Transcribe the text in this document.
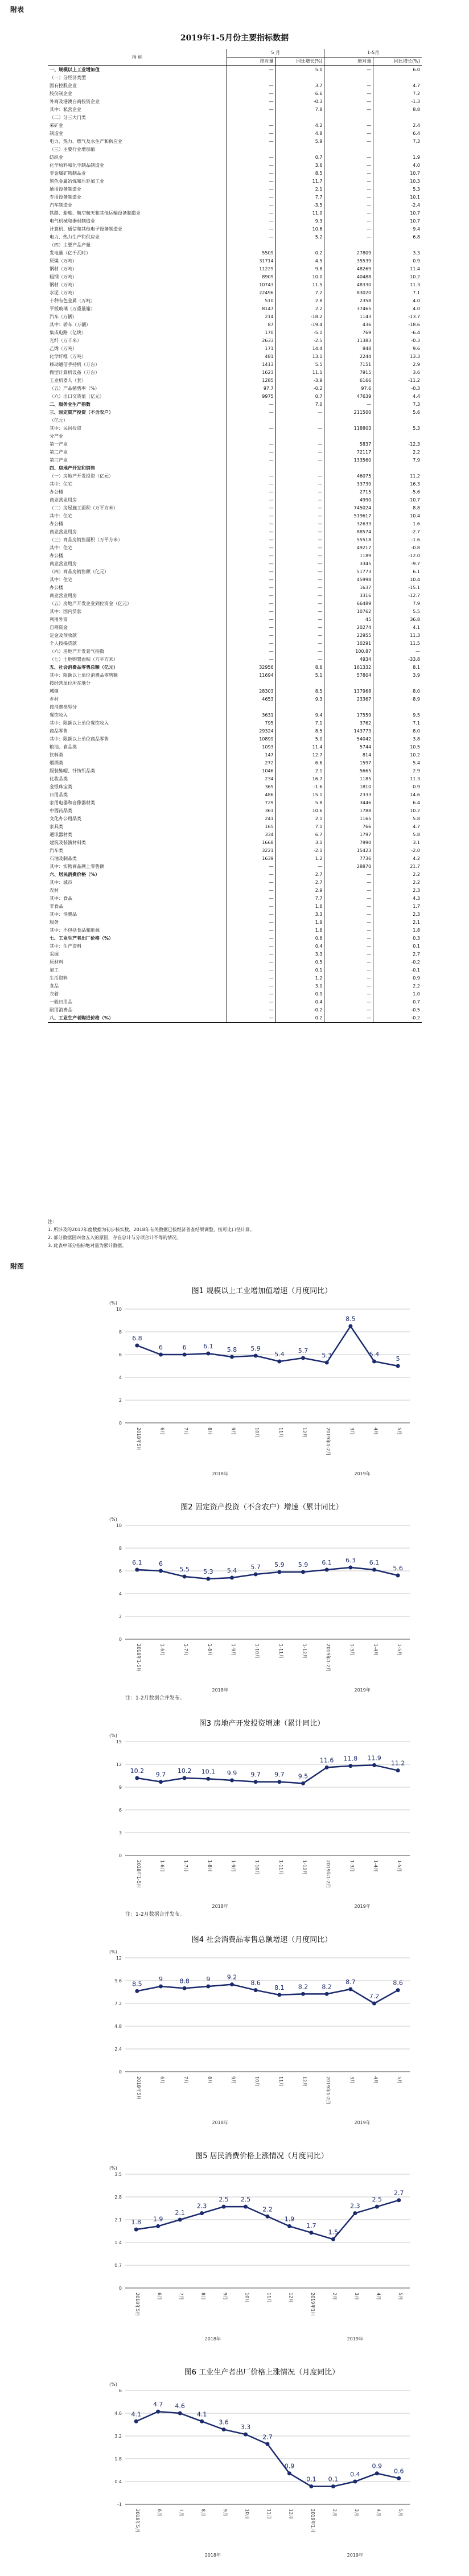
附表
2019年1-5月份主要指标数据
指 标	5 月		1-5月	
	绝对量	同比增长(%)	绝对量	同比增长(%)
一、规模以上工业增加值	—	5.0	—	6.0
（一）分经济类型				
国有控股企业	—	3.7	—	4.7
股份制企业	—	6.6	—	7.2
外商及港澳台商投资企业	—	-0.3	—	-1.3
其中：私营企业	—	7.8	—	8.8
（二）分三大门类				
采矿业	—	4.2	—	2.4
制造业	—	4.8	—	6.4
电力、热力、燃气及水生产和供应业	—	5.9	—	7.3
（三）主要行业增加值				
纺织业	—	0.7	—	1.9
化学原料和化学制品制造业	—	3.6	—	4.0
非金属矿物制品业	—	8.5	—	10.7
黑色金属冶炼和压延加工业	—	11.7	—	10.3
通用设备制造业	—	2.1	—	5.3
专用设备制造业	—	7.7	—	10.1
汽车制造业	—	-3.5	—	-2.4
铁路、船舶、航空航天和其他运输设备制造业	—	11.0	—	10.7
电气机械和器材制造业	—	9.3	—	10.7
计算机、通信和其他电子设备制造业	—	10.6	—	9.4
电力、热力生产和供应业	—	5.2	—	6.8
（四）主要产品产量				
发电量（亿千瓦时）	5509	0.2	27809	3.3
原煤（万吨）	31714	4.5	35539	0.9
钢材（万吨）	11229	9.8	48269	11.4
粗钢（万吨）	8909	10.0	40488	10.2
钢材（万吨）	10743	11.5	48330	11.3
水泥（万吨）	22496	7.2	83020	7.1
十种有色金属（万吨）	510	2.8	2358	4.0
平板玻璃（万重量箱）	8147	2.2	37465	4.0
汽车（万辆）	214	-18.2	1143	-13.7
其中：轿车（万辆）	87	-19.4	436	-18.6
集成电路（亿块）	170	-5.1	769	-6.4
光纤（万千米）	2633	-2.5	11383	-0.3
乙烯（万吨）	171	14.4	848	9.6
化学纤维（万吨）	481	13.1	2244	13.3
移动通信手持机（万台）	1413	5.5	7151	2.9
微型计算机设备（万台）	1623	11.1	7915	3.6
工业机器人（套）	1285	-3.9	6166	-11.2
（五）产品销售率（%）	97.7	-0.2	97.6	-0.3
（六）出口交货值（亿元）	9975	0.7	47639	4.4
二、服务业生产指数	—	7.0	—	7.3
三、固定资产投资（不含农户）	—	—	211500	5.6
（亿元）				
其中：民间投资	—	—	118803	5.3
分产业				
第一产业	—	—	5837	-12.3
第二产业	—	—	72117	2.2
第三产业	—	—	133560	7.9
四、房地产开发和销售				
（一）房地产开发投资（亿元）	—	—	46075	11.2
其中：住宅	—	—	33739	16.3
办公楼	—	—	2715	-5.6
商业营业用房	—	—	4990	-10.7
（二）房屋施工面积（万平方米）	—	—	745024	8.8
其中：住宅	—	—	519617	10.4
办公楼	—	—	32633	1.6
商业营业用房	—	—	88574	-2.7
（三）商品房销售面积（万平方米）	—	—	55518	-1.6
其中：住宅	—	—	49217	-0.8
办公楼	—	—	1189	-12.0
商业营业用房	—	—	3345	-9.7
（四）商品房销售额（亿元）	—	—	51773	6.1
其中：住宅	—	—	45998	10.4
办公楼	—	—	1637	-15.1
商业营业用房	—	—	3316	-12.7
（五）房地产开发企业到位资金（亿元）	—	—	66489	7.9
其中：国内贷款	—	—	10762	5.5
利用外资	—	—	45	36.8
自筹资金	—	—	20274	4.1
定金及预收款	—	—	22955	11.3
个人按揭贷款	—	—	10291	11.5
（六）房地产开发景气指数	—	—	100.87	—
（七）土地购置面积（万平方米）	—	—	4934	-33.8
五、社会消费品零售总额（亿元）	32956	8.6	161332	8.1
其中：限额以上单位消费品零售额	11694	5.1	57804	3.9
按经营单位所在地分				
城镇	28303	8.5	137968	8.0
乡村	4653	9.3	23367	8.9
按消费类型分				
餐饮收入	3631	9.4	17559	9.5
其中：限额以上单位餐饮收入	795	7.1	3762	7.1
商品零售	29324	8.5	143773	8.0
其中：限额以上单位商品零售	10899	5.0	54042	3.8
粮油、食品类	1093	11.4	5744	10.5
饮料类	147	12.7	814	10.2
烟酒类	272	6.6	1597	5.4
服装鞋帽、针纺织品类	1046	2.1	5665	2.9
化妆品类	234	16.7	1185	11.3
金银珠宝类	365	-1.6	1810	0.9
日用品类	486	15.1	2333	14.6
家用电器和音像器材类	729	5.8	3446	6.4
中西药品类	361	10.6	1788	10.2
文化办公用品类	241	2.1	1165	5.8
家具类	165	7.1	766	4.7
通讯器材类	334	6.7	1797	5.8
建筑及装潢材料类	1668	3.1	7990	3.1
汽车类	3221	-2.1	15423	-2.0
石油及制品类	1639	1.2	7736	4.2
其中：实物商品网上零售额	—	—	28870	21.7
六、居民消费价格（%）	—	2.7	—	2.2
其中：城市	—	2.7	—	2.2
农村	—	2.9	—	2.3
其中：食品	—	7.7	—	4.3
非食品	—	1.6	—	1.7
其中：消费品	—	3.3	—	2.3
服务	—	1.9	—	2.1
其中：不包括食品和能源	—	1.6	—	1.8
七、工业生产者出厂价格（%）	—	0.6	—	0.3
其中：生产资料	—	0.4	—	0.1
采掘	—	3.3	—	2.7
原材料	—	0.5	—	-0.2
加工	—	0.1	—	-0.1
生活资料	—	1.2	—	0.9
食品	—	3.0	—	2.2
衣着	—	0.9	—	1.0
一般日用品	—	0.4	—	0.7
耐用消费品	—	-0.2	—	-0.5
八、工业生产者购进价格（%）	—	0.2	—	-0.2
注：
1. 所涉及的2017年度数据为初步核实数，2018年有关数据已按经济普查结果调整，按可比口径计算。
2. 部分数据因四舍五入的原因，存在总计与分项合计不等的情况。
3. 此表中部分指标绝对量为累计数据。
附图
图1 规模以上工业增加值增速（月度同比）
(%)
0
2
4
6
8
10
6.8
2018年5月
6
6月
6
7月
6.1
8月
5.8
9月
5.9
10月
5.4
11月
5.7
12月
5.3
2019年1-2月
8.5
3月
5.4
4月
5
5月
2018年	2019年
图2 固定资产投资（不含农户）增速（累计同比）
(%)
0
2
4
6
8
10
6.1
2018年1-5月
6
1-6月
5.5
1-7月
5.3
1-8月
5.4
1-9月
5.7
1-10月
5.9
1-11月
5.9
1-12月
6.1
2019年1-2月
6.3
1-3月
6.1
1-4月
5.6
1-5月
2018年	2019年
注：1-2月数据合并发布。
图3 房地产开发投资增速（累计同比）
(%)
0
3
6
9
12
15
10.2
2018年1-5月
9.7
1-6月
10.2
1-7月
10.1
1-8月
9.9
1-9月
9.7
1-10月
9.7
1-11月
9.5
1-12月
11.6
2019年1-2月
11.8
1-3月
11.9
1-4月
11.2
1-5月
2018年	2019年
注：1-2月数据合并发布。
图4 社会消费品零售总额增速（月度同比）
(%)
0
2.4
4.8
7.2
9.6
12
8.5
2018年5月
9
6月
8.8
7月
9
8月
9.2
9月
8.6
10月
8.1
11月
8.2
12月
8.2
2019年1-2月
8.7
3月
7.2
4月
8.6
5月
2018年	2019年
图5 居民消费价格上涨情况（月度同比）
(%)
0
0.7
1.4
2.1
2.8
3.5
1.8
2018年5月
1.9
6月
2.1
7月
2.3
8月
2.5
9月
2.5
10月
2.2
11月
1.9
12月
1.7
2019年1月
1.5
2月
2.3
3月
2.5
4月
2.7
5月
2018年	2019年
图6 工业生产者出厂价格上涨情况（月度同比）
(%)
-1
0.4
1.8
3.2
4.6
6
4.1
2018年5月
4.7
6月
4.6
7月
4.1
8月
3.6
9月
3.3
10月
2.7
11月
0.9
12月
0.1
2019年1月
0.1
2月
0.4
3月
0.9
4月
0.6
5月
2018年	2019年
